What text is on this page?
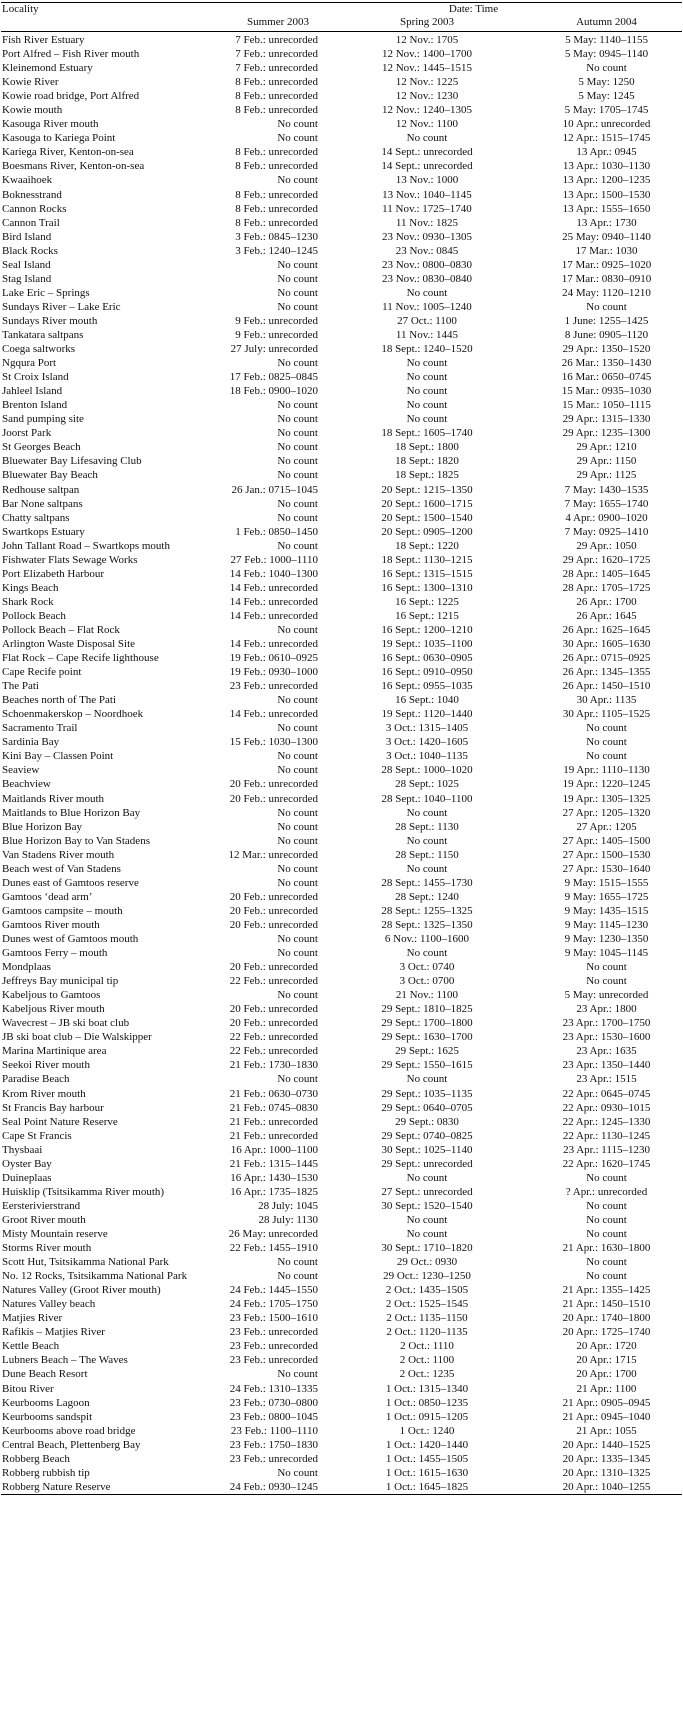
Locality	Date: Time		
	Summer 2003	Spring 2003	Autumn 2004
Fish River Estuary	7 Feb.: unrecorded	12 Nov.: 1705	5 May: 1140–1155
Port Alfred – Fish River mouth	7 Feb.: unrecorded	12 Nov.: 1400–1700	5 May: 0945–1140
Kleinemond Estuary	7 Feb.: unrecorded	12 Nov.: 1445–1515	No count
Kowie River	8 Feb.: unrecorded	12 Nov.: 1225	5 May: 1250
Kowie road bridge, Port Alfred	8 Feb.: unrecorded	12 Nov.: 1230	5 May: 1245
Kowie mouth	8 Feb.: unrecorded	12 Nov.: 1240–1305	5 May: 1705–1745
Kasouga River mouth	No count	12 Nov.: 1100	10 Apr.: unrecorded
Kasouga to Kariega Point	No count	No count	12 Apr.: 1515–1745
Kariega River, Kenton-on-sea	8 Feb.: unrecorded	14 Sept.: unrecorded	13 Apr.: 0945
Boesmans River, Kenton-on-sea	8 Feb.: unrecorded	14 Sept.: unrecorded	13 Apr.: 1030–1130
Kwaaihoek	No count	13 Nov.: 1000	13 Apr.: 1200–1235
Boknesstrand	8 Feb.: unrecorded	13 Nov.: 1040–1145	13 Apr.: 1500–1530
Cannon Rocks	8 Feb.: unrecorded	11 Nov.: 1725–1740	13 Apr.: 1555–1650
Cannon Trail	8 Feb.: unrecorded	11 Nov.: 1825	13 Apr.: 1730
Bird Island	3 Feb.: 0845–1230	23 Nov.: 0930–1305	25 May: 0940–1140
Black Rocks	3 Feb.: 1240–1245	23 Nov.: 0845	17 Mar.: 1030
Seal Island	No count	23 Nov.: 0800–0830	17 Mar.: 0925–1020
Stag Island	No count	23 Nov.: 0830–0840	17 Mar.: 0830–0910
Lake Eric – Springs	No count	No count	24 May: 1120–1210
Sundays River – Lake Eric	No count	11 Nov.: 1005–1240	No count
Sundays River mouth	9 Feb.: unrecorded	27 Oct.: 1100	1 June: 1255–1425
Tankatara saltpans	9 Feb.: unrecorded	11 Nov.: 1445	8 June: 0905–1120
Coega saltworks	27 July: unrecorded	18 Sept.: 1240–1520	29 Apr.: 1350–1520
Ngqura Port	No count	No count	26 Mar.: 1350–1430
St Croix Island	17 Feb.: 0825–0845	No count	16 Mar.: 0650–0745
Jahleel Island	18 Feb.: 0900–1020	No count	15 Mar.: 0935–1030
Brenton Island	No count	No count	15 Mar.: 1050–1115
Sand pumping site	No count	No count	29 Apr.: 1315–1330
Joorst Park	No count	18 Sept.: 1605–1740	29 Apr.: 1235–1300
St Georges Beach	No count	18 Sept.: 1800	29 Apr.: 1210
Bluewater Bay Lifesaving Club	No count	18 Sept.: 1820	29 Apr.: 1150
Bluewater Bay Beach	No count	18 Sept.: 1825	29 Apr.: 1125
Redhouse saltpan	26 Jan.: 0715–1045	20 Sept.: 1215–1350	7 May: 1430–1535
Bar None saltpans	No count	20 Sept.: 1600–1715	7 May: 1655–1740
Chatty saltpans	No count	20 Sept.: 1500–1540	4 Apr.: 0900–1020
Swartkops Estuary	1 Feb.: 0850–1450	20 Sept.: 0905–1200	7 May: 0925–1410
John Tallant Road – Swartkops mouth	No count	18 Sept.: 1220	29 Apr.: 1050
Fishwater Flats Sewage Works	27 Feb.: 1000–1110	18 Sept.: 1130–1215	29 Apr.: 1620–1725
Port Elizabeth Harbour	14 Feb.: 1040–1300	16 Sept.: 1315–1515	28 Apr.: 1405–1645
Kings Beach	14 Feb.: unrecorded	16 Sept.: 1300–1310	28 Apr.: 1705–1725
Shark Rock	14 Feb.: unrecorded	16 Sept.: 1225	26 Apr.: 1700
Pollock Beach	14 Feb.: unrecorded	16 Sept.: 1215	26 Apr.: 1645
Pollock Beach – Flat Rock	No count	16 Sept.: 1200–1210	26 Apr.: 1625–1645
Arlington Waste Disposal Site	14 Feb.: unrecorded	19 Sept.: 1035–1100	30 Apr.: 1605–1630
Flat Rock – Cape Recife lighthouse	19 Feb.: 0610–0925	16 Sept.: 0630–0905	26 Apr.: 0715–0925
Cape Recife point	19 Feb.: 0930–1000	16 Sept.: 0910–0950	26 Apr.: 1345–1355
The Pati	23 Feb.: unrecorded	16 Sept.: 0955–1035	26 Apr.: 1450–1510
Beaches north of The Pati	No count	16 Sept.: 1040	30 Apr.: 1135
Schoenmakerskop – Noordhoek	14 Feb.: unrecorded	19 Sept.: 1120–1440	30 Apr.: 1105–1525
Sacramento Trail	No count	3 Oct.: 1315–1405	No count
Sardinia Bay	15 Feb.: 1030–1300	3 Oct.: 1420–1605	No count
Kini Bay – Classen Point	No count	3 Oct.: 1040–1135	No count
Seaview	No count	28 Sept.: 1000–1020	19 Apr.: 1110–1130
Beachview	20 Feb.: unrecorded	28 Sept.: 1025	19 Apr.: 1220–1245
Maitlands River mouth	20 Feb.: unrecorded	28 Sept.: 1040–1100	19 Apr.: 1305–1325
Maitlands to Blue Horizon Bay	No count	No count	27 Apr.: 1205–1320
Blue Horizon Bay	No count	28 Sept.: 1130	27 Apr.: 1205
Blue Horizon Bay to Van Stadens	No count	No count	27 Apr.: 1405–1500
Van Stadens River mouth	12 Mar.: unrecorded	28 Sept.: 1150	27 Apr.: 1500–1530
Beach west of Van Stadens	No count	No count	27 Apr.: 1530–1640
Dunes east of Gamtoos reserve	No count	28 Sept.: 1455–1730	9 May: 1515–1555
Gamtoos ‘dead arm’	20 Feb.: unrecorded	28 Sept.: 1240	9 May: 1655–1725
Gamtoos campsite – mouth	20 Feb.: unrecorded	28 Sept.: 1255–1325	9 May: 1435–1515
Gamtoos River mouth	20 Feb.: unrecorded	28 Sept.: 1325–1350	9 May: 1145–1230
Dunes west of Gamtoos mouth	No count	6 Nov.: 1100–1600	9 May: 1230–1350
Gamtoos Ferry – mouth	No count	No count	9 May: 1045–1145
Mondplaas	20 Feb.: unrecorded	3 Oct.: 0740	No count
Jeffreys Bay municipal tip	22 Feb.: unrecorded	3 Oct.: 0700	No count
Kabeljous to Gamtoos	No count	21 Nov.: 1100	5 May: unrecorded
Kabeljous River mouth	20 Feb.: unrecorded	29 Sept.: 1810–1825	23 Apr.: 1800
Wavecrest – JB ski boat club	20 Feb.: unrecorded	29 Sept.: 1700–1800	23 Apr.: 1700–1750
JB ski boat club – Die Walskipper	22 Feb.: unrecorded	29 Sept.: 1630–1700	23 Apr.: 1530–1600
Marina Martinique area	22 Feb.: unrecorded	29 Sept.: 1625	23 Apr.: 1635
Seekoi River mouth	21 Feb.: 1730–1830	29 Sept.: 1550–1615	23 Apr.: 1350–1440
Paradise Beach	No count	No count	23 Apr.: 1515
Krom River mouth	21 Feb.: 0630–0730	29 Sept.: 1035–1135	22 Apr.: 0645–0745
St Francis Bay harbour	21 Feb.: 0745–0830	29 Sept.: 0640–0705	22 Apr.: 0930–1015
Seal Point Nature Reserve	21 Feb.: unrecorded	29 Sept.: 0830	22 Apr.: 1245–1330
Cape St Francis	21 Feb.: unrecorded	29 Sept.: 0740–0825	22 Apr.: 1130–1245
Thysbaai	16 Apr.: 1000–1100	30 Sept.: 1025–1140	23 Apr.: 1115–1230
Oyster Bay	21 Feb.: 1315–1445	29 Sept.: unrecorded	22 Apr.: 1620–1745
Duineplaas	16 Apr.: 1430–1530	No count	No count
Huisklip (Tsitsikamma River mouth)	16 Apr.: 1735–1825	27 Sept.: unrecorded	? Apr.: unrecorded
Eersterivierstrand	28 July: 1045	30 Sept.: 1520–1540	No count
Groot River mouth	28 July: 1130	No count	No count
Misty Mountain reserve	26 May: unrecorded	No count	No count
Storms River mouth	22 Feb.: 1455–1910	30 Sept.: 1710–1820	21 Apr.: 1630–1800
Scott Hut, Tsitsikamma National Park	No count	29 Oct.: 0930	No count
No. 12 Rocks, Tsitsikamma National Park	No count	29 Oct.: 1230–1250	No count
Natures Valley (Groot River mouth)	24 Feb.: 1445–1550	2 Oct.: 1435–1505	21 Apr.: 1355–1425
Natures Valley beach	24 Feb.: 1705–1750	2 Oct.: 1525–1545	21 Apr.: 1450–1510
Matjies River	23 Feb.: 1500–1610	2 Oct.: 1135–1150	20 Apr.: 1740–1800
Rafikis – Matjies River	23 Feb.: unrecorded	2 Oct.: 1120–1135	20 Apr.: 1725–1740
Kettle Beach	23 Feb.: unrecorded	2 Oct.: 1110	20 Apr.: 1720
Lubners Beach – The Waves	23 Feb.: unrecorded	2 Oct.: 1100	20 Apr.: 1715
Dune Beach Resort	No count	2 Oct.: 1235	20 Apr.: 1700
Bitou River	24 Feb.: 1310–1335	1 Oct.: 1315–1340	21 Apr.: 1100
Keurbooms Lagoon	23 Feb.: 0730–0800	1 Oct.: 0850–1235	21 Apr.: 0905–0945
Keurbooms sandspit	23 Feb.: 0800–1045	1 Oct.: 0915–1205	21 Apr.: 0945–1040
Keurbooms above road bridge	23 Feb.: 1100–1110	1 Oct.: 1240	21 Apr.: 1055
Central Beach, Plettenberg Bay	23 Feb.: 1750–1830	1 Oct.: 1420–1440	20 Apr.: 1440–1525
Robberg Beach	23 Feb.: unrecorded	1 Oct.: 1455–1505	20 Apr.: 1335–1345
Robberg rubbish tip	No count	1 Oct.: 1615–1630	20 Apr.: 1310–1325
Robberg Nature Reserve	24 Feb.: 0930–1245	1 Oct.: 1645–1825	20 Apr.: 1040–1255
